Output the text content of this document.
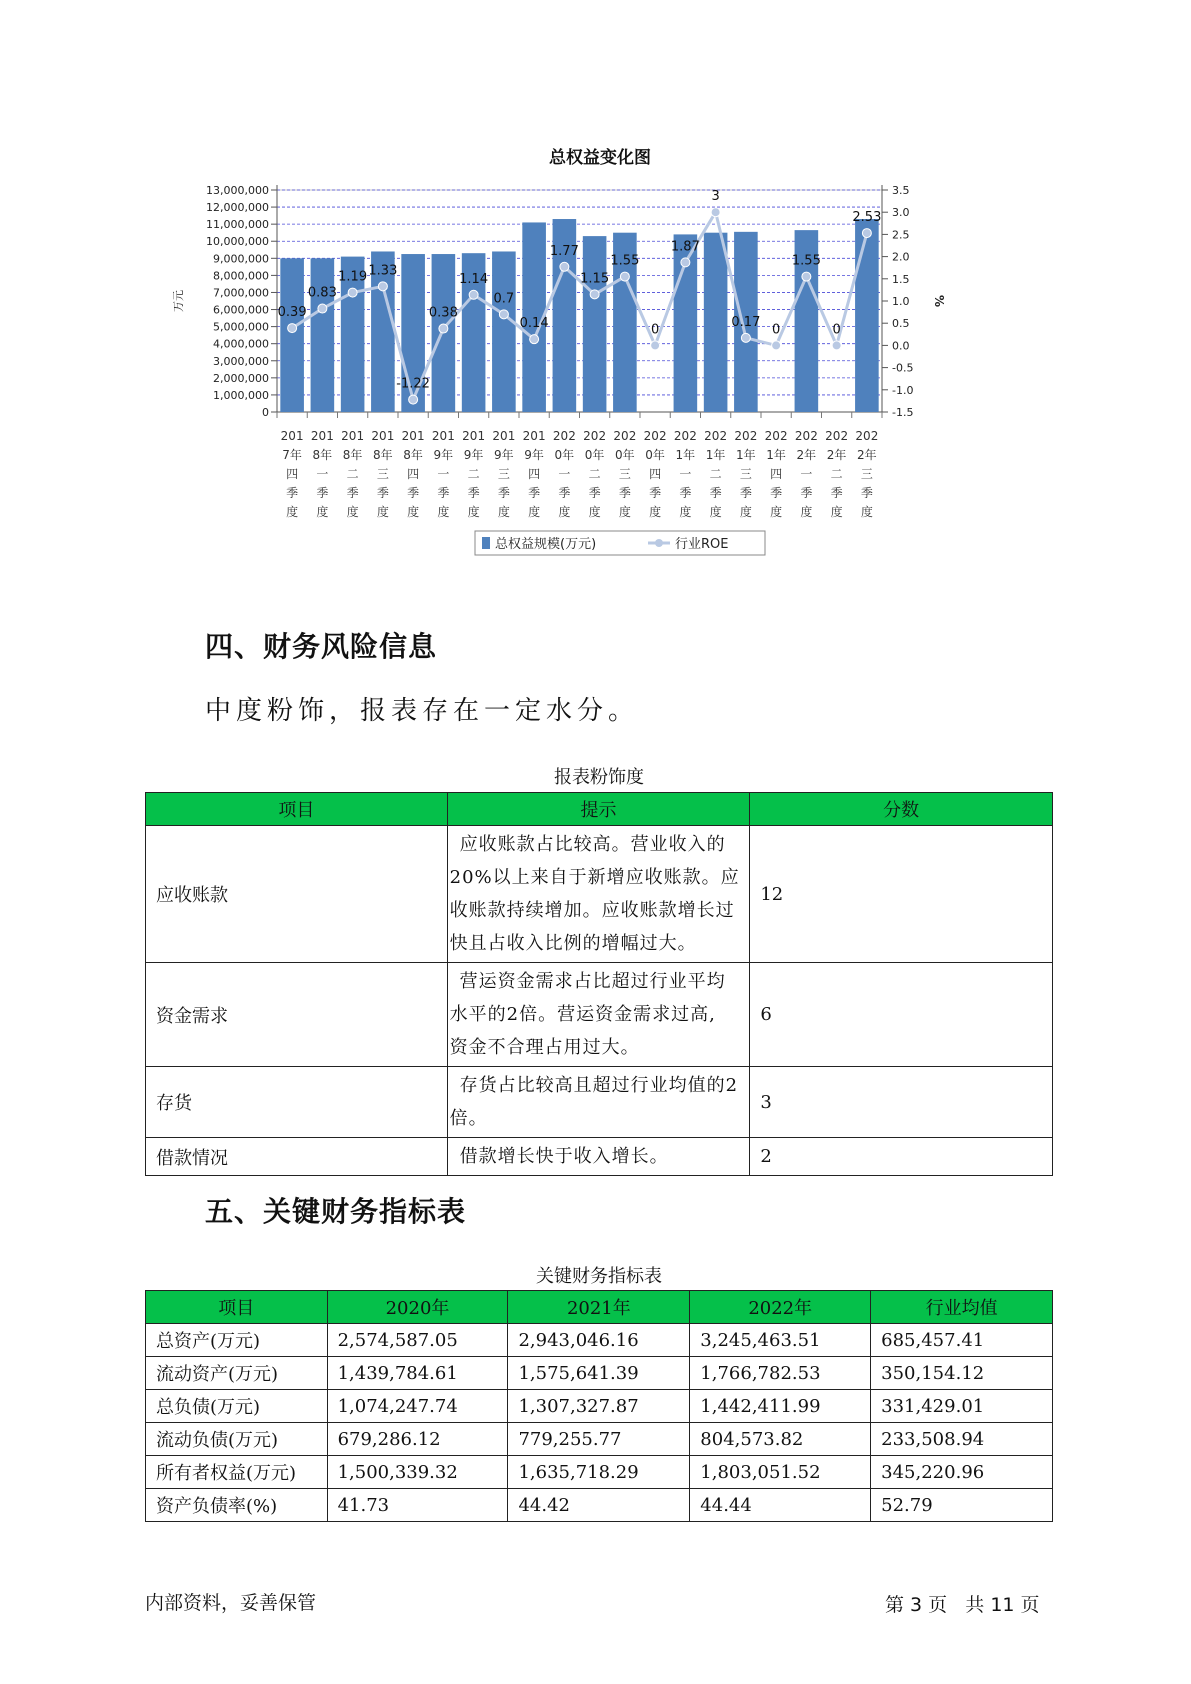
总权益变化图
13,000,000
12,000,000
11,000,000
10,000,000
9,000,000
8,000,000
7,000,000
6,000,000
5,000,000
4,000,000
3,000,000
2,000,000
1,000,000
0
3.5
3.0
2.5
2.0
1.5
1.0
0.5
0.0
-0.5
-1.0
-1.5
万元	%
201
7年
四
季
度
201
8年
一
季
度
201
8年
二
季
度
201
8年
三
季
度
201
8年
四
季
度
201
9年
一
季
度
201
9年
二
季
度
201
9年
三
季
度
201
9年
四
季
度
202
0年
一
季
度
202
0年
二
季
度
202
0年
三
季
度
202
0年
四
季
度
202
1年
一
季
度
202
1年
二
季
度
202
1年
三
季
度
202
1年
四
季
度
202
2年
一
季
度
202
2年
二
季
度
202
2年
三
季
度
0.39
0.83
1.19 1.33
-1.22
0.38
1.14
0.7
0.14
1.77
1.15
1.55
0
1.87
3
0.17
0
1.55
0
2.53
总权益规模(万元)	行业ROE
四、财务风险信息
中度粉饰，报表存在一定水分。
报表粉饰度
项目	提示	分数
应收账款	应收账款占比较高。营业收入的
20%以上来自于新增应收账款。应
收账款持续增加。应收账款增长过
快且占收入比例的增幅过大。	12
资金需求	营运资金需求占比超过行业平均
水平的2倍。营运资金需求过高,
资金不合理占用过大。	6
存货	存货占比较高且超过行业均值的2
倍。	3
借款情况	借款增长快于收入增长。	2
五、关键财务指标表
关键财务指标表
项目	2020年	2021年	2022年	行业均值
总资产(万元)	2,574,587.05	2,943,046.16	3,245,463.51	685,457.41
流动资产(万元)	1,439,784.61	1,575,641.39	1,766,782.53	350,154.12
总负债(万元)	1,074,247.74	1,307,327.87	1,442,411.99	331,429.01
流动负债(万元)	679,286.12	779,255.77	804,573.82	233,508.94
所有者权益(万元)	1,500,339.32	1,635,718.29	1,803,051.52	345,220.96
资产负债率(%)	41.73	44.42	44.44	52.79
内部资料，妥善保管	第 3 页   共 11 页
